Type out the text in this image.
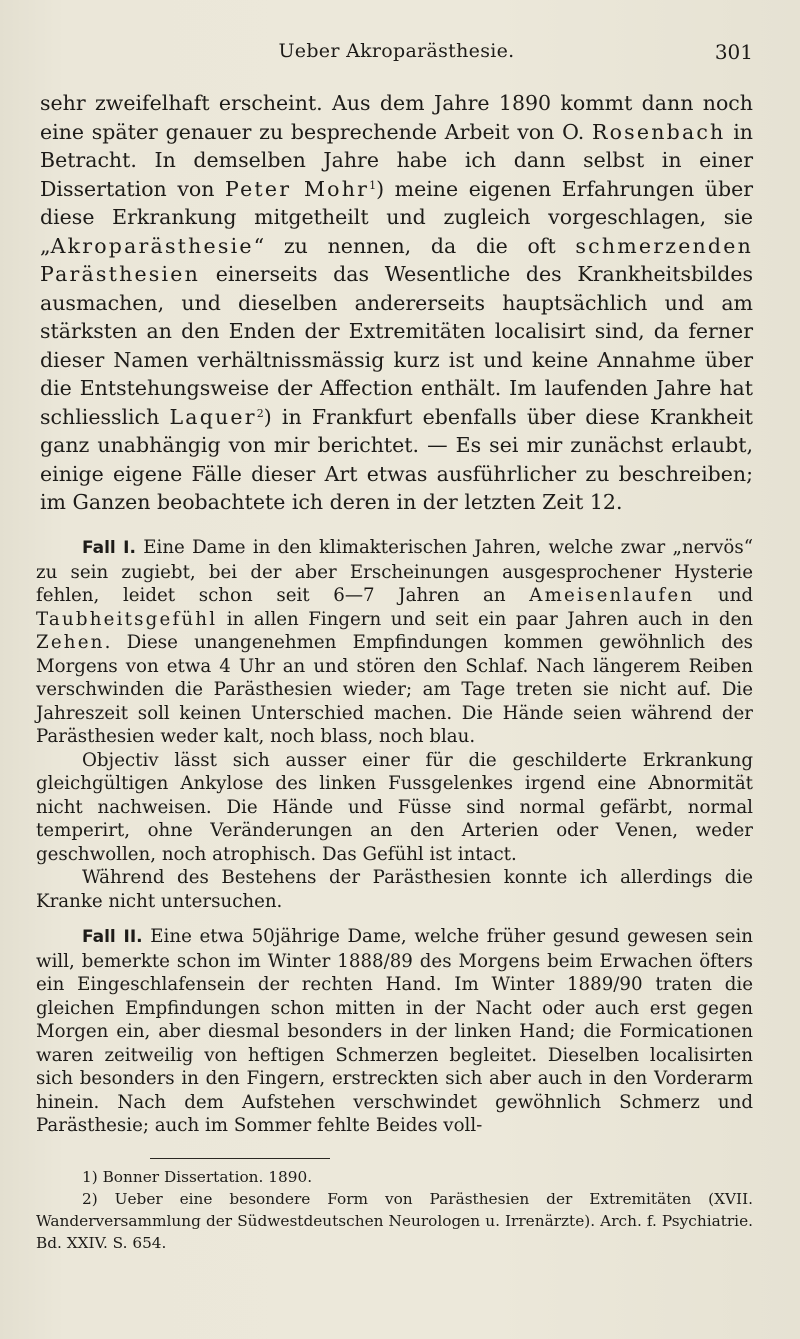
Ueber Akroparästhesie.	301

sehr zweifelhaft erscheint. Aus dem Jahre 1890 kommt dann noch eine später genauer zu besprechende Arbeit von O. Rosenbach in Betracht. In demselben Jahre habe ich dann selbst in einer Dissertation von Peter Mohr$^1$) meine eigenen Erfahrungen über diese Erkrankung mitgetheilt und zugleich vorgeschlagen, sie „Akroparästhesie“ zu nennen, da die oft schmerzenden Parästhesien einerseits das Wesentliche des Krankheitsbildes ausmachen, und dieselben andererseits hauptsächlich und am stärksten an den Enden der Extremitäten localisirt sind, da ferner dieser Namen verhältnissmässig kurz ist und keine Annahme über die Entstehungsweise der Affection enthält. Im laufenden Jahre hat schliesslich Laquer$^2$) in Frankfurt ebenfalls über diese Krankheit ganz unabhängig von mir berichtet. — Es sei mir zunächst erlaubt, einige eigene Fälle dieser Art etwas ausführlicher zu beschreiben; im Ganzen beobachtete ich deren in der letzten Zeit 12.

Fall I. Eine Dame in den klimakterischen Jahren, welche zwar „nervös“ zu sein zugiebt, bei der aber Erscheinungen ausgesprochener Hysterie fehlen, leidet schon seit 6—7 Jahren an Ameisenlaufen und Taubheitsgefühl in allen Fingern und seit ein paar Jahren auch in den Zehen. Diese unangenehmen Empfindungen kommen gewöhnlich des Morgens von etwa 4 Uhr an und stören den Schlaf. Nach längerem Reiben verschwinden die Parästhesien wieder; am Tage treten sie nicht auf. Die Jahreszeit soll keinen Unterschied machen. Die Hände seien während der Parästhesien weder kalt, noch blass, noch blau.

Objectiv lässt sich ausser einer für die geschilderte Erkrankung gleichgültigen Ankylose des linken Fussgelenkes irgend eine Abnormität nicht nachweisen. Die Hände und Füsse sind normal gefärbt, normal temperirt, ohne Veränderungen an den Arterien oder Venen, weder geschwollen, noch atrophisch. Das Gefühl ist intact.

Während des Bestehens der Parästhesien konnte ich allerdings die Kranke nicht untersuchen.

Fall II. Eine etwa 50jährige Dame, welche früher gesund gewesen sein will, bemerkte schon im Winter 1888/89 des Morgens beim Erwachen öfters ein Eingeschlafensein der rechten Hand. Im Winter 1889/90 traten die gleichen Empfindungen schon mitten in der Nacht oder auch erst gegen Morgen ein, aber diesmal besonders in der linken Hand; die Formicationen waren zeitweilig von heftigen Schmerzen begleitet. Dieselben localisirten sich besonders in den Fingern, erstreckten sich aber auch in den Vorderarm hinein. Nach dem Aufstehen verschwindet gewöhnlich Schmerz und Parästhesie; auch im Sommer fehlte Beides voll-

1) Bonner Dissertation. 1890.

2) Ueber eine besondere Form von Parästhesien der Extremitäten (XVII. Wanderversammlung der Südwestdeutschen Neurologen u. Irrenärzte). Arch. f. Psychiatrie. Bd. XXIV. S. 654.
